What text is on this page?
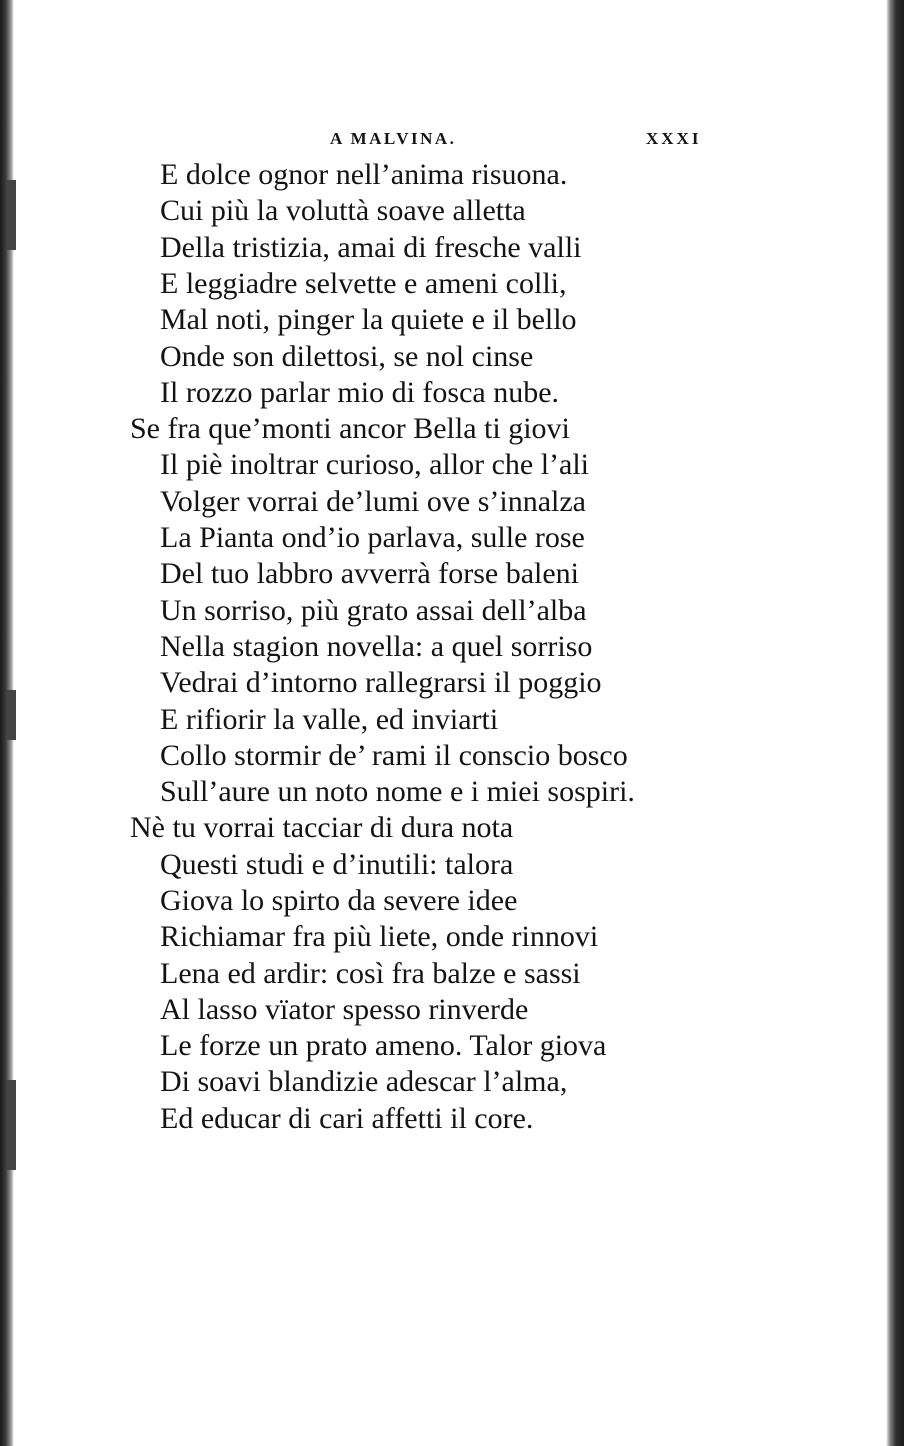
A MALVINA.	XXXI
E dolce ognor nell’anima risuona.
Cui più la voluttà soave alletta
Della tristizia, amai di fresche valli
E leggiadre selvette e ameni colli,
Mal noti, pinger la quiete e il bello
Onde son dilettosi, se nol cinse
Il rozzo parlar mio di fosca nube.
Se fra que’monti ancor Bella ti giovi
Il piè inoltrar curioso, allor che l’ali
Volger vorrai de’lumi ove s’innalza
La Pianta ond’io parlava, sulle rose
Del tuo labbro avverrà forse baleni
Un sorriso, più grato assai dell’alba
Nella stagion novella: a quel sorriso
Vedrai d’intorno rallegrarsi il poggio
E rifiorir la valle, ed inviarti
Collo stormir de’ rami il conscio bosco
Sull’aure un noto nome e i miei sospiri.
Nè tu vorrai tacciar di dura nota
Questi studi e d’inutili: talora
Giova lo spirto da severe idee
Richiamar fra più liete, onde rinnovi
Lena ed ardir: così fra balze e sassi
Al lasso vïator spesso rinverde
Le forze un prato ameno. Talor giova
Di soavi blandizie adescar l’alma,
Ed educar di cari affetti il core.
